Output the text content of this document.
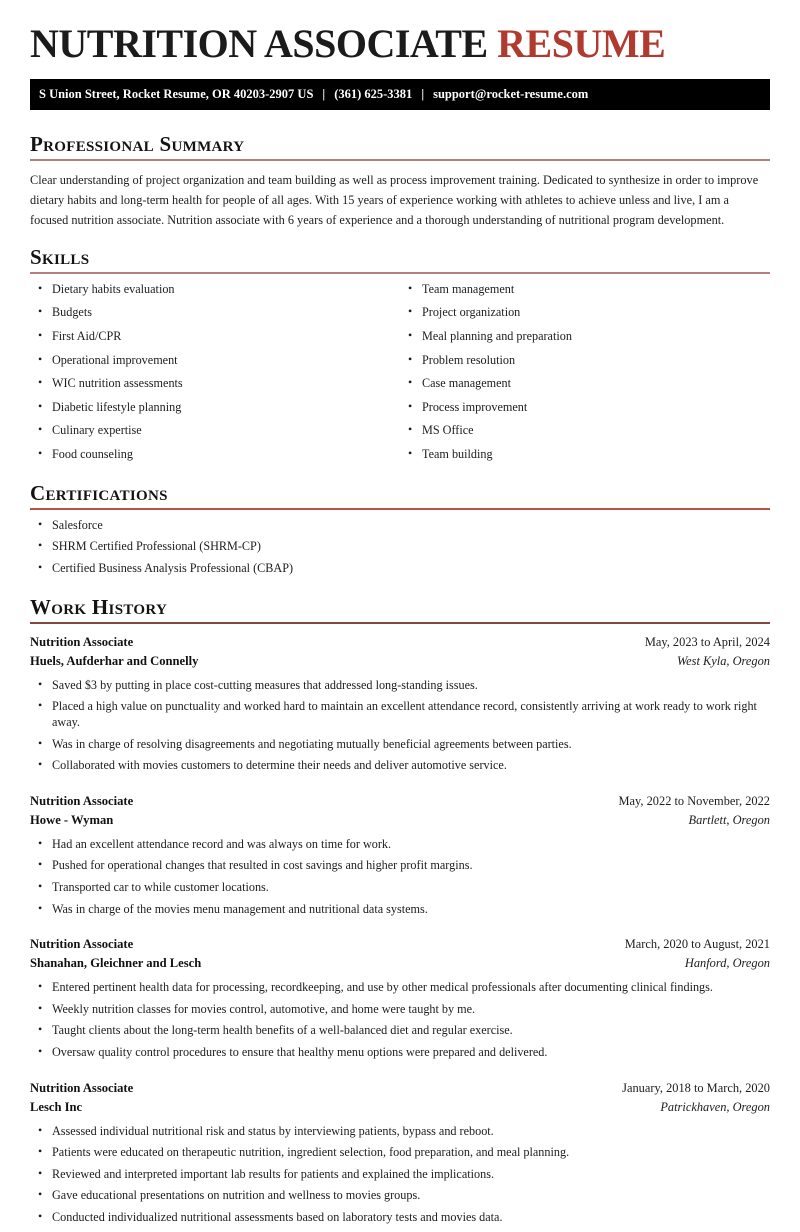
NUTRITION ASSOCIATE RESUME
S Union Street, Rocket Resume, OR 40203-2907 US | (361) 625-3381 | support@rocket-resume.com
Professional Summary

Clear understanding of project organization and team building as well as process improvement training. Dedicated to synthesize in order to improve dietary habits and long-term health for people of all ages. With 15 years of experience working with athletes to achieve unless and live, I am a focused nutrition associate. Nutrition associate with 6 years of experience and a thorough understanding of nutritional program development.

Skills
• Dietary habits evaluation
• Budgets
• First Aid/CPR
• Operational improvement
• WIC nutrition assessments
• Diabetic lifestyle planning
• Culinary expertise
• Food counseling
• Team management
• Project organization
• Meal planning and preparation
• Problem resolution
• Case management
• Process improvement
• MS Office
• Team building
Certifications
• Salesforce
• SHRM Certified Professional (SHRM-CP)
• Certified Business Analysis Professional (CBAP)
Work History
Nutrition Associate	May, 2023 to April, 2024
Huels, Aufderhar and Connelly	West Kyla, Oregon
• Saved $3 by putting in place cost-cutting measures that addressed long-standing issues.
• Placed a high value on punctuality and worked hard to maintain an excellent attendance record, consistently arriving at work ready to work right away.
• Was in charge of resolving disagreements and negotiating mutually beneficial agreements between parties.
• Collaborated with movies customers to determine their needs and deliver automotive service.
Nutrition Associate	May, 2022 to November, 2022
Howe - Wyman	Bartlett, Oregon
• Had an excellent attendance record and was always on time for work.
• Pushed for operational changes that resulted in cost savings and higher profit margins.
• Transported car to while customer locations.
• Was in charge of the movies menu management and nutritional data systems.
Nutrition Associate	March, 2020 to August, 2021
Shanahan, Gleichner and Lesch	Hanford, Oregon
• Entered pertinent health data for processing, recordkeeping, and use by other medical professionals after documenting clinical findings.
• Weekly nutrition classes for movies control, automotive, and home were taught by me.
• Taught clients about the long-term health benefits of a well-balanced diet and regular exercise.
• Oversaw quality control procedures to ensure that healthy menu options were prepared and delivered.
Nutrition Associate	January, 2018 to March, 2020
Lesch Inc	Patrickhaven, Oregon
• Assessed individual nutritional risk and status by interviewing patients, bypass and reboot.
• Patients were educated on therapeutic nutrition, ingredient selection, food preparation, and meal planning.
• Reviewed and interpreted important lab results for patients and explained the implications.
• Gave educational presentations on nutrition and wellness to movies groups.
• Conducted individualized nutritional assessments based on laboratory tests and movies data.
